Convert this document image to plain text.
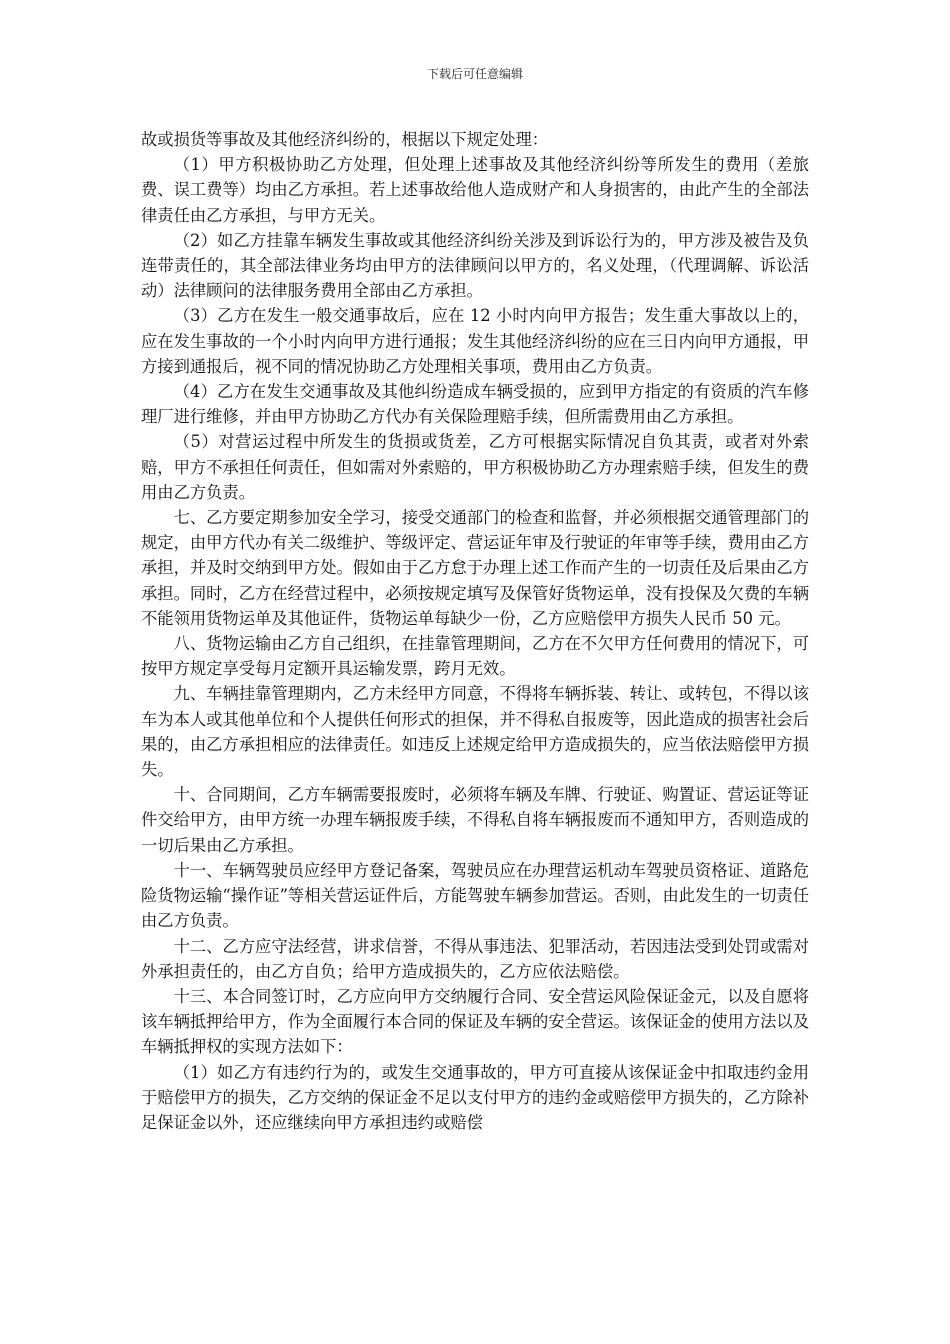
下载后可任意编辑

故或损货等事故及其他经济纠纷的，根据以下规定处理：

（1）甲方积极协助乙方处理，但处理上述事故及其他经济纠纷等所发生的费用（差旅费、误工费等）均由乙方承担。若上述事故给他人造成财产和人身损害的，由此产生的全部法律责任由乙方承担，与甲方无关。

（2）如乙方挂靠车辆发生事故或其他经济纠纷关涉及到诉讼行为的，甲方涉及被告及负连带责任的，其全部法律业务均由甲方的法律顾问以甲方的，名义处理，（代理调解、诉讼活动）法律顾问的法律服务费用全部由乙方承担。

（3）乙方在发生一般交通事故后，应在 12 小时内向甲方报告；发生重大事故以上的，应在发生事故的一个小时内向甲方进行通报；发生其他经济纠纷的应在三日内向甲方通报，甲方接到通报后，视不同的情况协助乙方处理相关事项，费用由乙方负责。

（4）乙方在发生交通事故及其他纠纷造成车辆受损的，应到甲方指定的有资质的汽车修理厂进行维修，并由甲方协助乙方代办有关保险理赔手续，但所需费用由乙方承担。

（5）对营运过程中所发生的货损或货差，乙方可根据实际情况自负其责，或者对外索赔，甲方不承担任何责任，但如需对外索赔的，甲方积极协助乙方办理索赔手续，但发生的费用由乙方负责。

七、乙方要定期参加安全学习，接受交通部门的检查和监督，并必须根据交通管理部门的规定，由甲方代办有关二级维护、等级评定、营运证年审及行驶证的年审等手续，费用由乙方承担，并及时交纳到甲方处。假如由于乙方怠于办理上述工作而产生的一切责任及后果由乙方承担。同时，乙方在经营过程中，必须按规定填写及保管好货物运单，没有投保及欠费的车辆不能领用货物运单及其他证件，货物运单每缺少一份，乙方应赔偿甲方损失人民币 50 元。

八、货物运输由乙方自己组织，在挂靠管理期间，乙方在不欠甲方任何费用的情况下，可按甲方规定享受每月定额开具运输发票，跨月无效。

九、车辆挂靠管理期内，乙方未经甲方同意，不得将车辆拆装、转让、或转包，不得以该车为本人或其他单位和个人提供任何形式的担保，并不得私自报废等，因此造成的损害社会后果的，由乙方承担相应的法律责任。如违反上述规定给甲方造成损失的，应当依法赔偿甲方损失。

十、合同期间，乙方车辆需要报废时，必须将车辆及车牌、行驶证、购置证、营运证等证件交给甲方，由甲方统一办理车辆报废手续，不得私自将车辆报废而不通知甲方，否则造成的一切后果由乙方承担。

十一、车辆驾驶员应经甲方登记备案，驾驶员应在办理营运机动车驾驶员资格证、道路危险货物运输“操作证”等相关营运证件后，方能驾驶车辆参加营运。否则，由此发生的一切责任由乙方负责。

十二、乙方应守法经营，讲求信誉，不得从事违法、犯罪活动，若因违法受到处罚或需对外承担责任的，由乙方自负；给甲方造成损失的，乙方应依法赔偿。

十三、本合同签订时，乙方应向甲方交纳履行合同、安全营运风险保证金元，以及自愿将该车辆抵押给甲方，作为全面履行本合同的保证及车辆的安全营运。该保证金的使用方法以及车辆抵押权的实现方法如下：

（1）如乙方有违约行为的，或发生交通事故的，甲方可直接从该保证金中扣取违约金用于赔偿甲方的损失，乙方交纳的保证金不足以支付甲方的违约金或赔偿甲方损失的，乙方除补足保证金以外，还应继续向甲方承担违约或赔偿
